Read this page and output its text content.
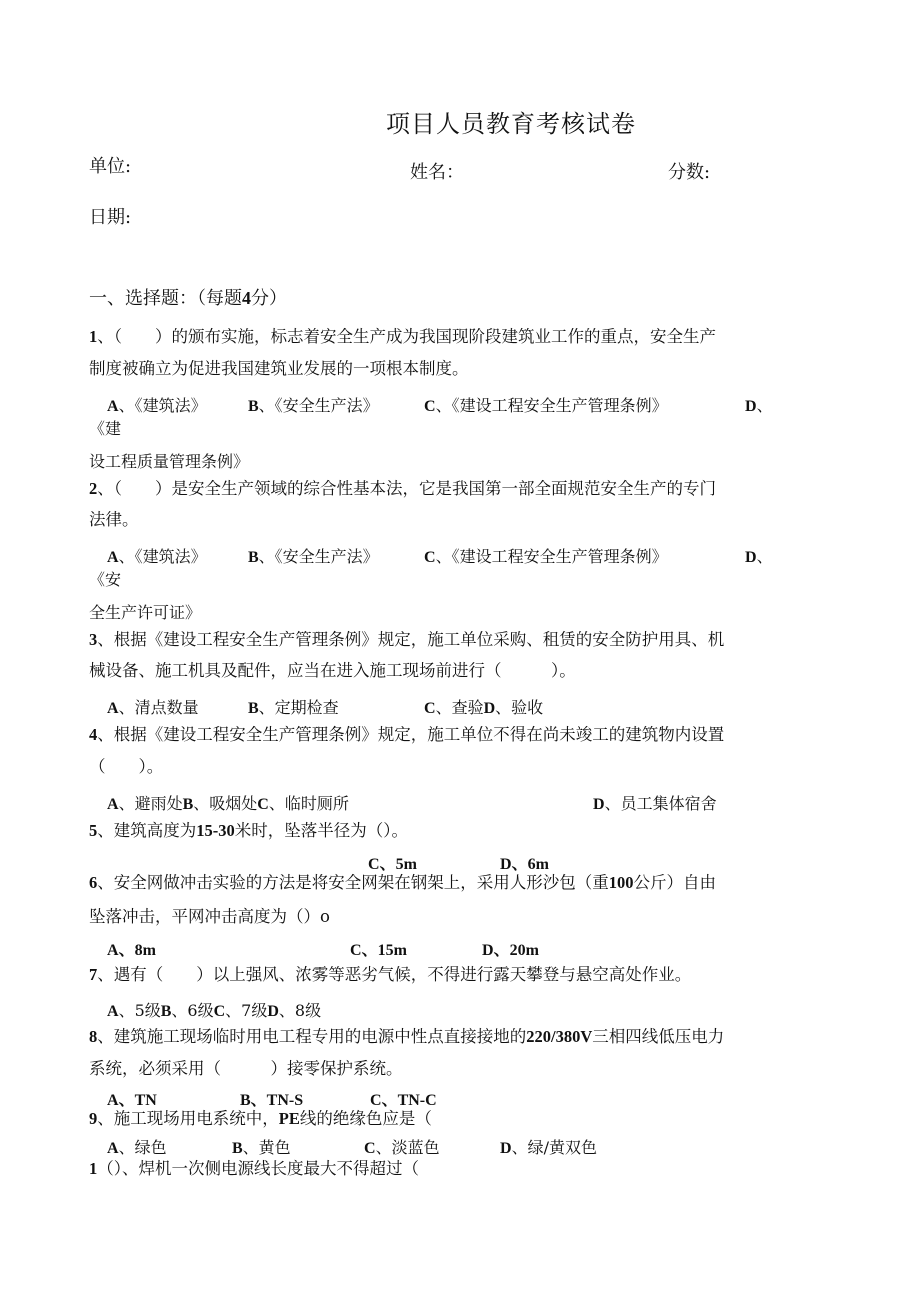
项目人员教育考核试卷
单位:	姓名：	分数:
日期:
一、选择题：（每题4分）
1、（　　）的颁布实施，标志着安全生产成为我国现阶段建筑业工作的重点，安全生产
制度被确立为促进我国建筑业发展的一项根本制度。
A、《建筑法》	B、《安全生产法》	C、《建设工程安全生产管理条例》	D、
《建
设工程质量管理条例》
2、（　　）是安全生产领域的综合性基本法，它是我国第一部全面规范安全生产的专门
法律。
A、《建筑法》	B、《安全生产法》	C、《建设工程安全生产管理条例》	D、
《安
全生产许可证》
3、根据《建设工程安全生产管理条例》规定，施工单位采购、租赁的安全防护用具、机
械设备、施工机具及配件，应当在进入施工现场前进行（　　　）。
A、清点数量	B、定期检查	C、查验D、验收
4、根据《建设工程安全生产管理条例》规定，施工单位不得在尚未竣工的建筑物内设置
（　　）。
A、避雨处B、吸烟处C、临时厕所	D、员工集体宿舍
5、建筑高度为15-30米时，坠落半径为（）。
C、5m	D、6m
6、安全网做冲击实验的方法是将安全网架在钢架上，采用人形沙包（重100公斤）自由
坠落冲击，平网冲击高度为（）o
A、8m	C、15m	D、20m
7、遇有（　　）以上强风、浓雾等恶劣气候，不得进行露天攀登与悬空高处作业。
A、5级B、6级C、7级D、8级
8、建筑施工现场临时用电工程专用的电源中性点直接接地的220/380V三相四线低压电力
系统，必须采用（　　　）接零保护系统。
A、TN	B、TN-S	C、TN-C
9、施工现场用电系统中，PE线的绝缘色应是（
A、绿色	B、黄色	C、淡蓝色	D、绿/黄双色
1（）、焊机一次侧电源线长度最大不得超过（
